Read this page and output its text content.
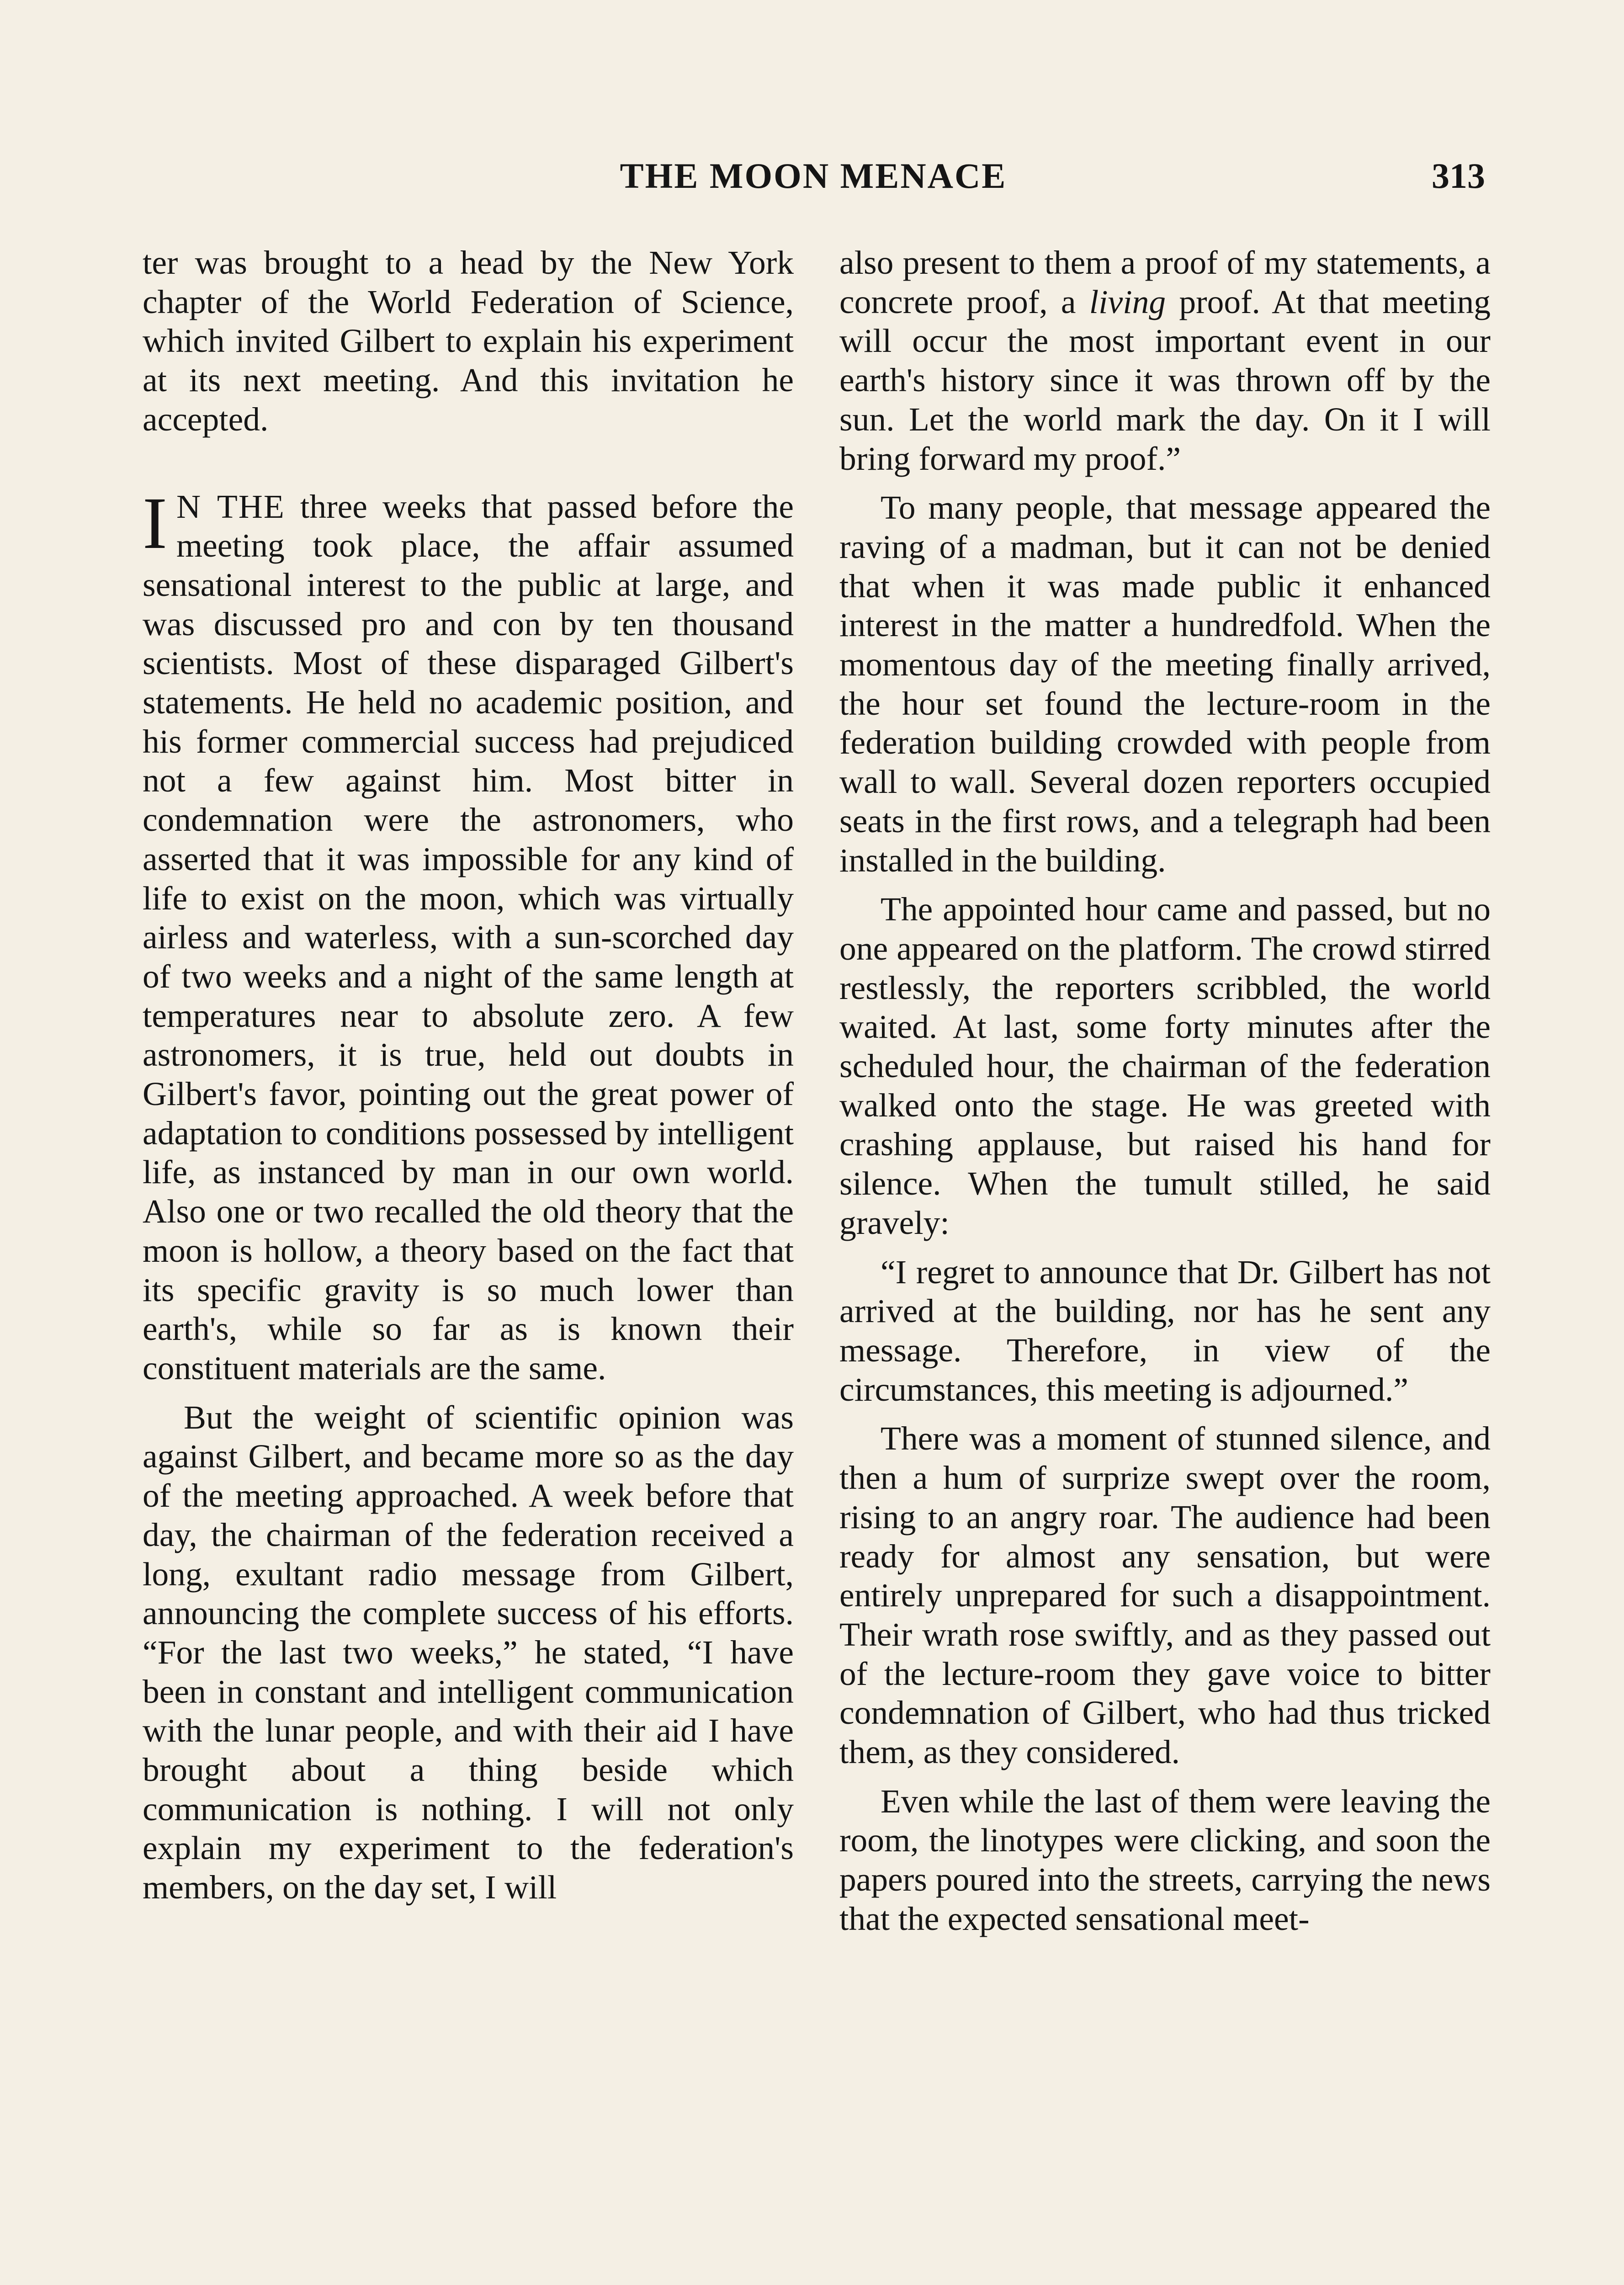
THE MOON MENACE	313

ter was brought to a head by the New York chapter of the World Federation of Science, which invited Gilbert to explain his experiment at its next meeting. And this invitation he accepted.

I N THE three weeks that passed before the meeting took place, the affair assumed sensational interest to the public at large, and was discussed pro and con by ten thousand scientists. Most of these disparaged Gilbert's statements. He held no academic position, and his former commercial success had prejudiced not a few against him. Most bitter in condemnation were the astronomers, who asserted that it was impossible for any kind of life to exist on the moon, which was virtually airless and waterless, with a sun-scorched day of two weeks and a night of the same length at temperatures near to absolute zero. A few astronomers, it is true, held out doubts in Gilbert's favor, pointing out the great power of adaptation to conditions possessed by intelligent life, as instanced by man in our own world. Also one or two recalled the old theory that the moon is hollow, a theory based on the fact that its specific gravity is so much lower than earth's, while so far as is known their constituent materials are the same.

But the weight of scientific opinion was against Gilbert, and became more so as the day of the meeting approached. A week before that day, the chairman of the federation received a long, exultant radio message from Gilbert, announcing the complete success of his efforts. “For the last two weeks,” he stated, “I have been in constant and intelligent communication with the lunar people, and with their aid I have brought about a thing beside which communication is nothing. I will not only explain my experiment to the federation's members, on the day set, I will

also present to them a proof of my statements, a concrete proof, a living proof. At that meeting will occur the most important event in our earth's history since it was thrown off by the sun. Let the world mark the day. On it I will bring forward my proof.”

To many people, that message appeared the raving of a madman, but it can not be denied that when it was made public it enhanced interest in the matter a hundredfold. When the momentous day of the meeting finally arrived, the hour set found the lecture-room in the federation building crowded with people from wall to wall. Several dozen reporters occupied seats in the first rows, and a telegraph had been installed in the building.

The appointed hour came and passed, but no one appeared on the platform. The crowd stirred restlessly, the reporters scribbled, the world waited. At last, some forty minutes after the scheduled hour, the chairman of the federation walked onto the stage. He was greeted with crashing applause, but raised his hand for silence. When the tumult stilled, he said gravely:

“I regret to announce that Dr. Gilbert has not arrived at the building, nor has he sent any message. Therefore, in view of the circumstances, this meeting is adjourned.”

There was a moment of stunned silence, and then a hum of surprize swept over the room, rising to an angry roar. The audience had been ready for almost any sensation, but were entirely unprepared for such a disappointment. Their wrath rose swiftly, and as they passed out of the lecture-room they gave voice to bitter condemnation of Gilbert, who had thus tricked them, as they considered.

Even while the last of them were leaving the room, the linotypes were clicking, and soon the papers poured into the streets, carrying the news that the expected sensational meet-
